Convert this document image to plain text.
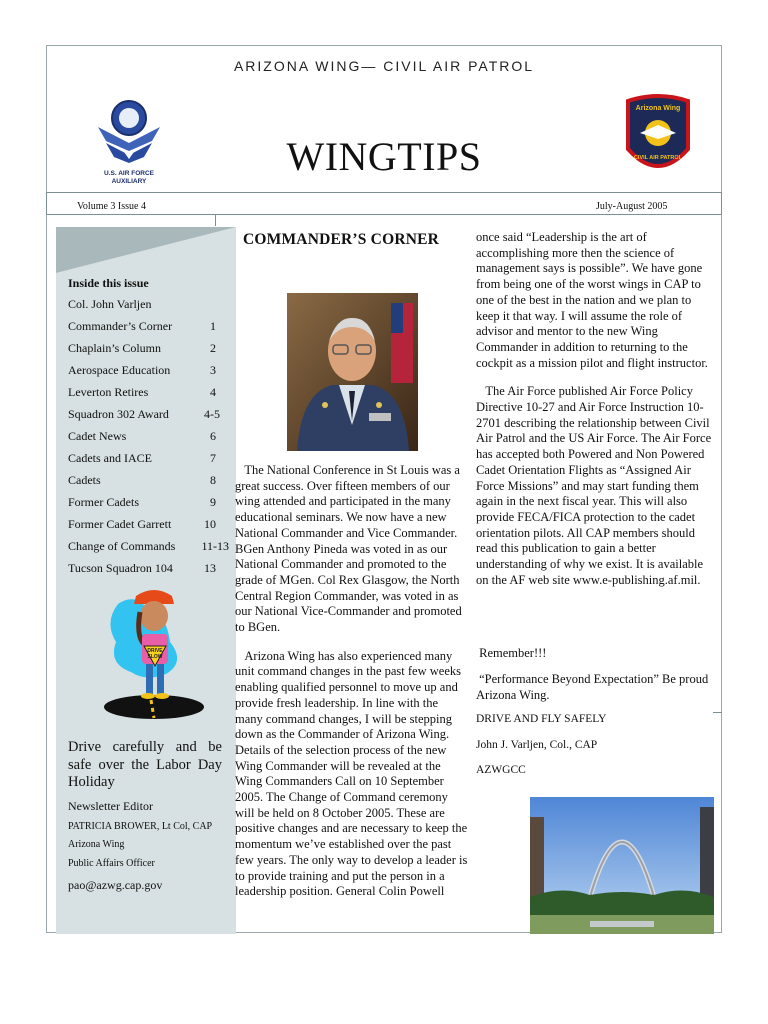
ARIZONA WING— CIVIL AIR PATROL
WINGTIPS
U.S. AIR FORCE
AUXILIARY
Arizona Wing
CIVIL AIR PATROL
Volume 3 Issue 4	July-August 2005
Inside this issue
Col. John Varljen
Commander’s Corner	1
Chaplain’s Column	2
Aerospace Education	3
Leverton Retires	4
Squadron 302 Award	4-5
Cadet News	6
Cadets and IACE	7
Cadets	8
Former Cadets	9
Former Cadet Garrett	10
Change of Commands 11-13
Tucson Squadron 104	13
DRIVE
SLOW
Drive carefully and be safe over the Labor Day Holiday
Newsletter Editor
PATRICIA BROWER, Lt Col, CAP
Arizona Wing
Public Affairs Officer
pao@azwg.cap.gov
COMMANDER’S CORNER

The National Conference in St Louis was a great success. Over fifteen members of our wing attended and participated in the many educational seminars. We now have a new National Commander and Vice Commander. BGen Anthony Pineda was voted in as our National Commander and promoted to the grade of MGen. Col Rex Glasgow, the North Central Region Commander, was voted in as our National Vice-Commander and promoted to BGen.

Arizona Wing has also experienced many unit command changes in the past few weeks enabling qualified personnel to move up and provide fresh leadership. In line with the many command changes, I will be stepping down as the Commander of Arizona Wing. Details of the selection process of the new Wing Commander will be revealed at the Wing Commanders Call on 10 September 2005. The Change of Command ceremony will be held on 8 October 2005. These are positive changes and are necessary to keep the momentum we’ve established over the past few years. The only way to develop a leader is to provide training and put the person in a leadership position. General Colin Powell

once said “Leadership is the art of accomplishing more then the science of management says is possible”. We have gone from being one of the worst wings in CAP to one of the best in the nation and we plan to keep it that way. I will assume the role of advisor and mentor to the new Wing Commander in addition to returning to the cockpit as a mission pilot and flight instructor.

The Air Force published Air Force Policy Directive 10-27 and Air Force Instruction 10-2701 describing the relationship between Civil Air Patrol and the US Air Force. The Air Force has accepted both Powered and Non Powered Cadet Orientation Flights as “Assigned Air Force Missions” and may start funding them again in the next fiscal year. This will also provide FECA/FICA protection to the cadet orientation pilots. All CAP members should read this publication to gain a better understanding of why we exist. It is available on the AF web site www.e-publishing.af.mil.

Remember!!!
“Performance Beyond Expectation” Be proud Arizona Wing.
DRIVE AND FLY SAFELY
John J. Varljen, Col., CAP
AZWGCC
